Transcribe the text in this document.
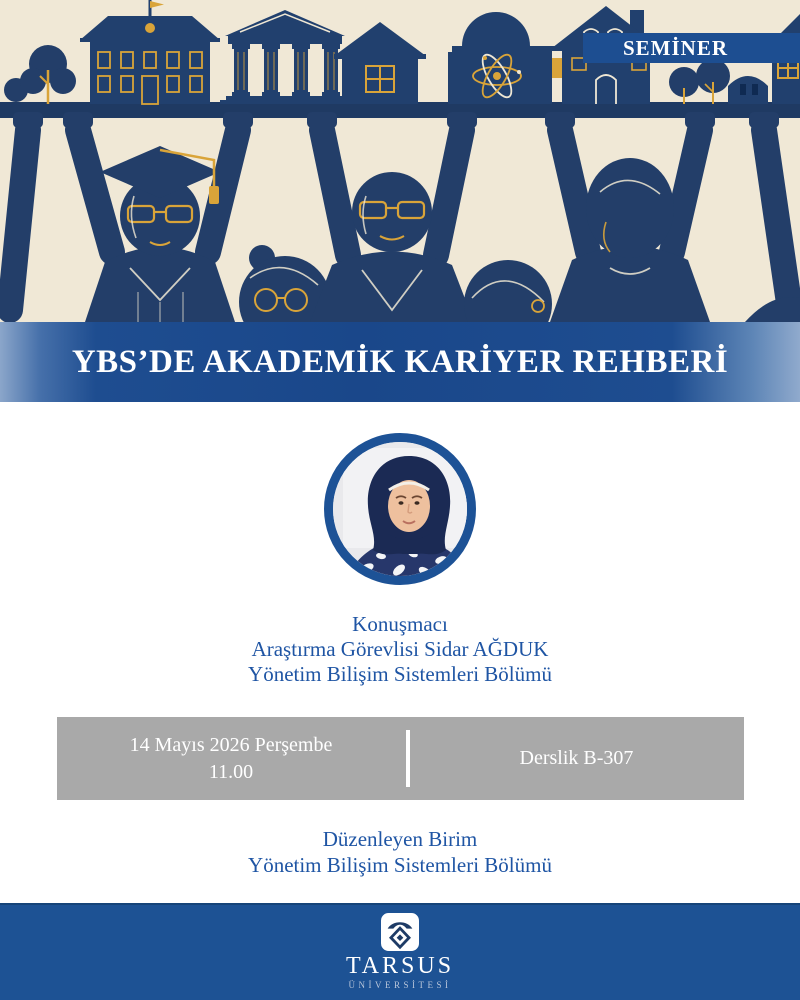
SEMİNER
YBS’DE AKADEMİK KARİYER REHBERİ
Konuşmacı
Araştırma Görevlisi Sidar AĞDUK
Yönetim Bilişim Sistemleri Bölümü
14 Mayıs 2026 Perşembe
11.00
Derslik B-307
Düzenleyen Birim
Yönetim Bilişim Sistemleri Bölümü
TARSUS
ÜNİVERSİTESİ
